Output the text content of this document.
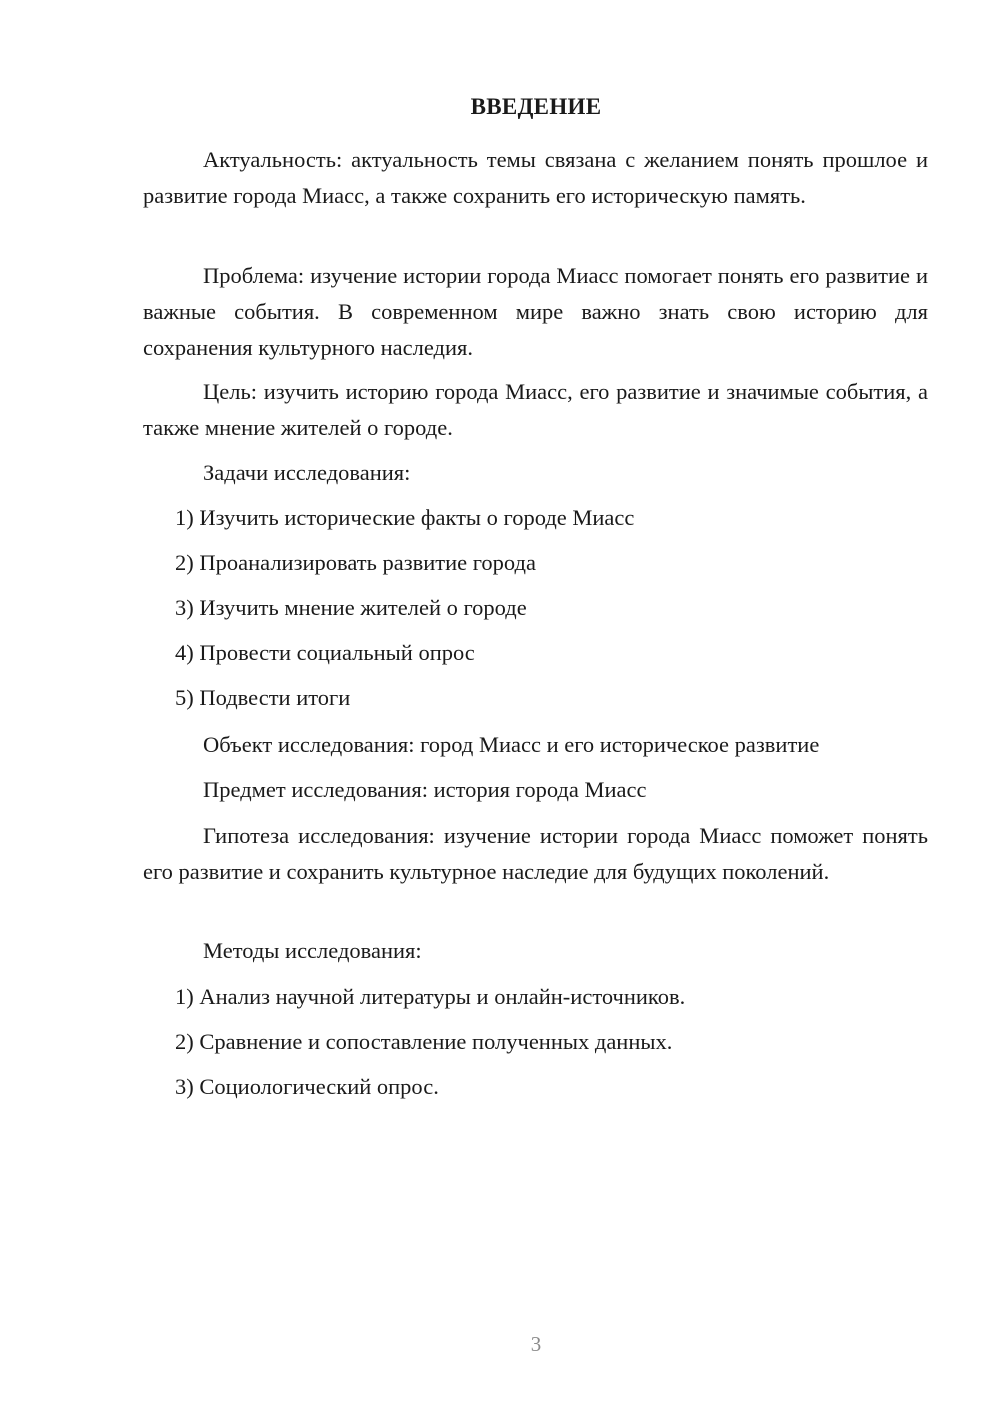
ВВЕДЕНИЕ

Актуальность: актуальность темы связана с желанием понять прошлое и развитие города Миасс, а также сохранить его историческую память.

Проблема: изучение истории города Миасс помогает понять его развитие и важные события. В современном мире важно знать свою историю для сохранения культурного наследия.

Цель: изучить историю города Миасс, его развитие и значимые события, а также мнение жителей о городе.

Задачи исследования:

1) Изучить исторические факты о городе Миасс

2) Проанализировать развитие города

3) Изучить мнение жителей о городе

4) Провести социальный опрос

5) Подвести итоги

Объект исследования: город Миасс и его историческое развитие

Предмет исследования: история города Миасс

Гипотеза исследования: изучение истории города Миасс поможет понять его развитие и сохранить культурное наследие для будущих поколений.

Методы исследования:

1) Анализ научной литературы и онлайн-источников.

2) Сравнение и сопоставление полученных данных.

3) Социологический опрос.

3
